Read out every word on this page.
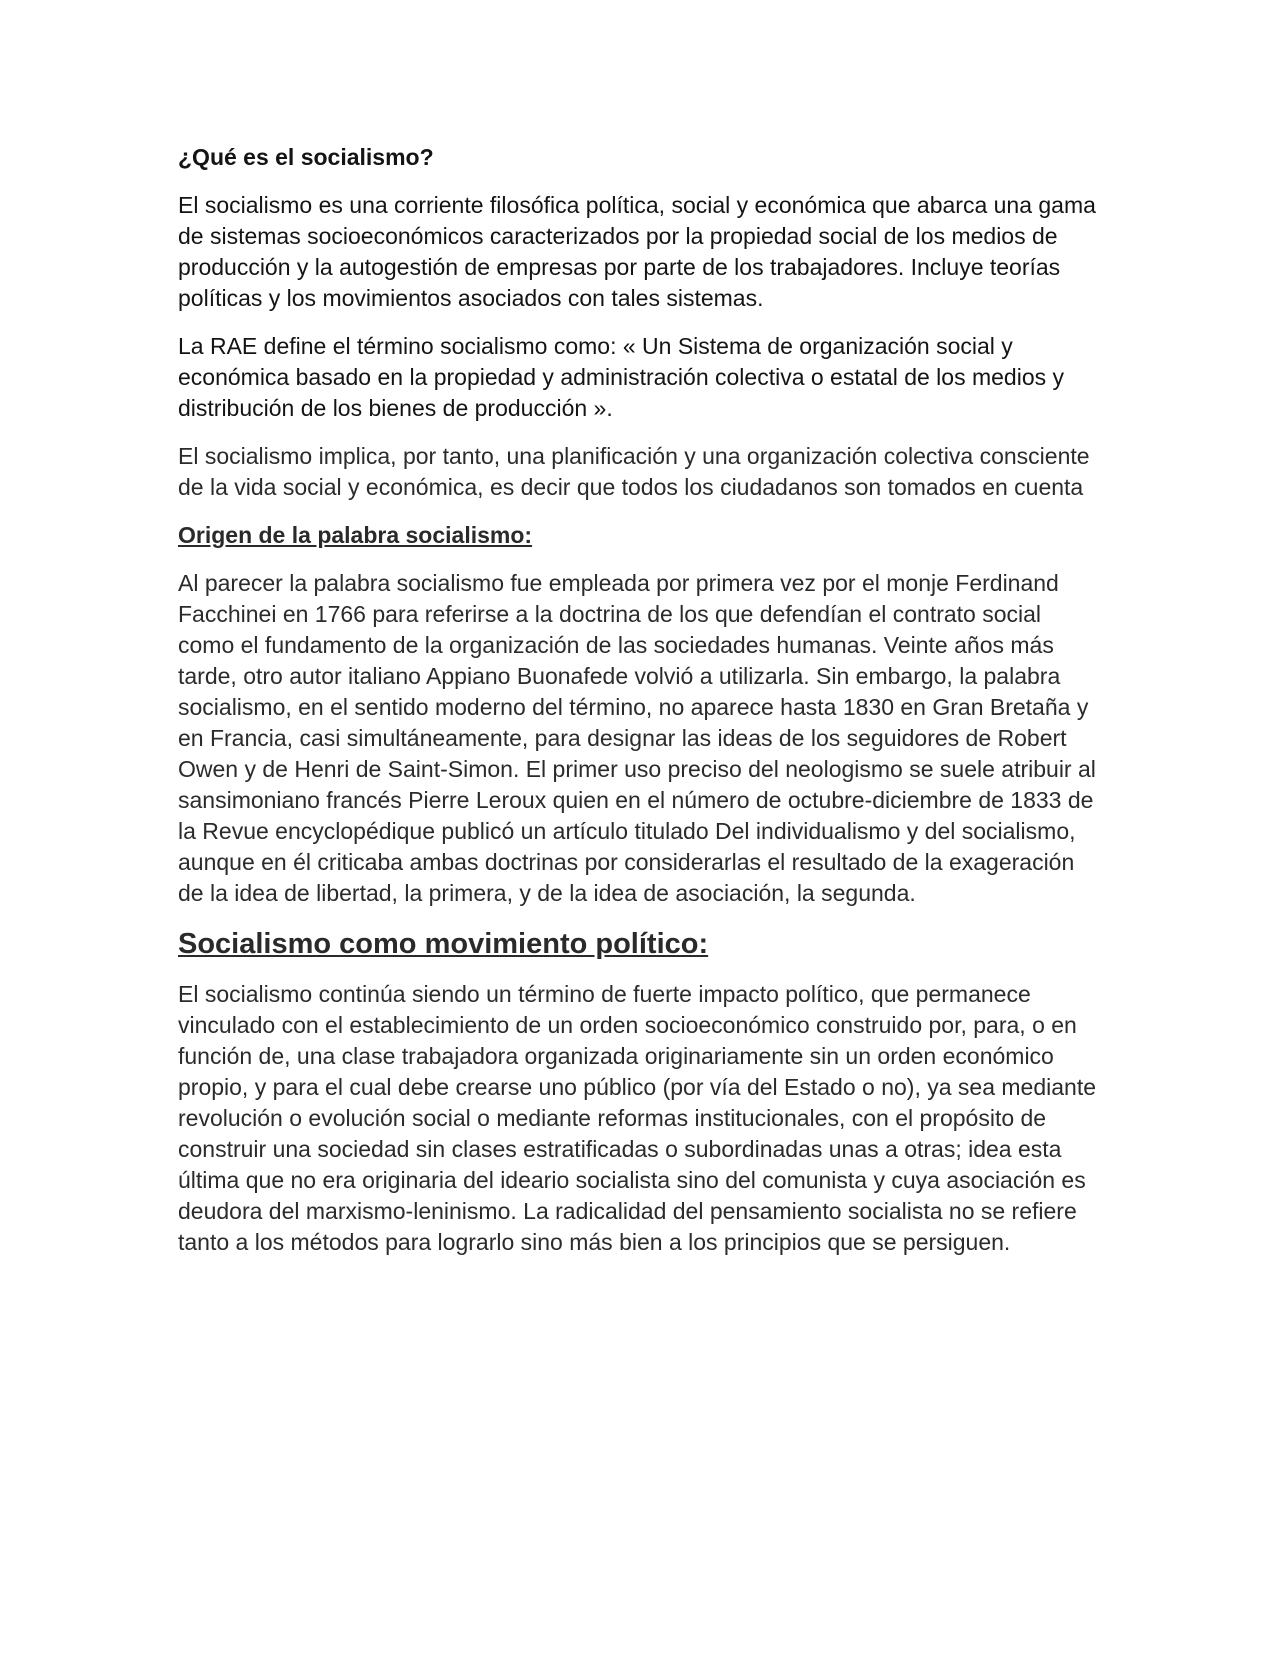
¿Qué es el socialismo?

El socialismo es una corriente filosófica política, social y económica que abarca una gama de sistemas socioeconómicos caracterizados por la propiedad social de los medios de producción y la autogestión de empresas por parte de los trabajadores. Incluye teorías políticas y los movimientos asociados con tales sistemas.

La RAE define el término socialismo como: « Un Sistema de organización social y económica basado en la propiedad y administración colectiva o estatal de los medios y distribución de los bienes de producción ».

El socialismo implica, por tanto, una planificación y una organización colectiva consciente de la vida social y económica, es decir que todos los ciudadanos son tomados en cuenta

Origen de la palabra socialismo:

Al parecer la palabra socialismo fue empleada por primera vez por el monje Ferdinand Facchinei en 1766 para referirse a la doctrina de los que defendían el contrato social como el fundamento de la organización de las sociedades humanas. Veinte años más tarde, otro autor italiano Appiano Buonafede volvió a utilizarla. Sin embargo, la palabra socialismo, en el sentido moderno del término, no aparece hasta 1830 en Gran Bretaña y en Francia, casi simultáneamente, para designar las ideas de los seguidores de Robert Owen y de Henri de Saint-Simon. El primer uso preciso del neologismo se suele atribuir al sansimoniano francés Pierre Leroux quien en el número de octubre-diciembre de 1833 de la Revue encyclopédique publicó un artículo titulado Del individualismo y del socialismo, aunque en él criticaba ambas doctrinas por considerarlas el resultado de la exageración de la idea de libertad, la primera, y de la idea de asociación, la segunda.

Socialismo como movimiento político:

El socialismo continúa siendo un término de fuerte impacto político, que permanece vinculado con el establecimiento de un orden socioeconómico construido por, para, o en función de, una clase trabajadora organizada originariamente sin un orden económico propio, y para el cual debe crearse uno público (por vía del Estado o no), ya sea mediante revolución o evolución social o mediante reformas institucionales, con el propósito de construir una sociedad sin clases estratificadas o subordinadas unas a otras; idea esta última que no era originaria del ideario socialista sino del comunista y cuya asociación es deudora del marxismo-leninismo. La radicalidad del pensamiento socialista no se refiere tanto a los métodos para lograrlo sino más bien a los principios que se persiguen.
